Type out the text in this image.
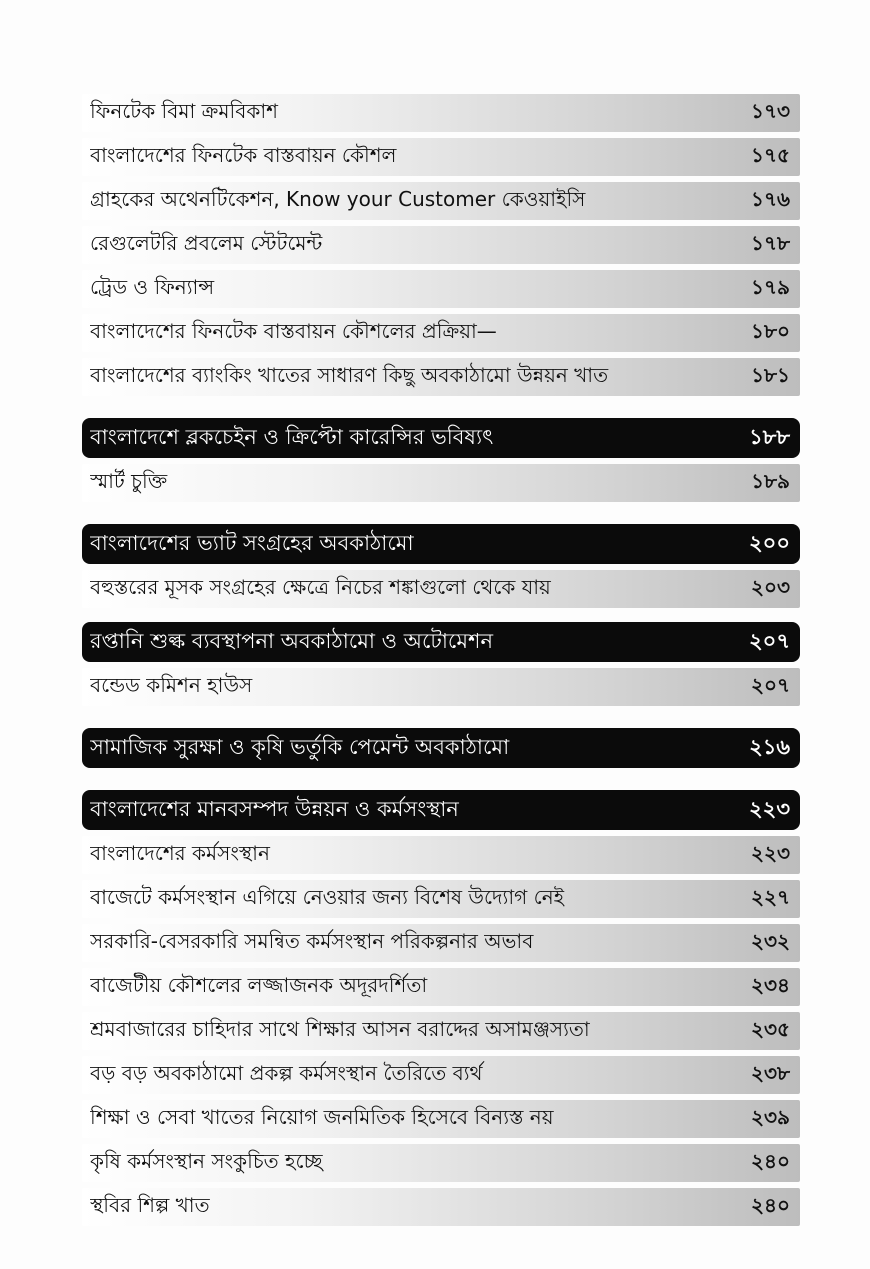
ফিনটেক বিমা ক্রমবিকাশ	১৭৩
বাংলাদেশের ফিনটেক বাস্তবায়ন কৌশল	১৭৫
গ্রাহকের অথেনটিকেশন, Know your Customer কেওয়াইসি	১৭৬
রেগুলেটরি প্রবলেম স্টেটমেন্ট	১৭৮
ট্রেড ও ফিন্যান্স	১৭৯
বাংলাদেশের ফিনটেক বাস্তবায়ন কৌশলের প্রক্রিয়া—	১৮০
বাংলাদেশের ব্যাংকিং খাতের সাধারণ কিছু অবকাঠামো উন্নয়ন খাত	১৮১
বাংলাদেশে ব্লকচেইন ও ক্রিপ্টো কারেন্সির ভবিষ্যৎ	১৮৮
স্মার্ট চুক্তি	১৮৯
বাংলাদেশের ভ্যাট সংগ্রহের অবকাঠামো	২০০
বহুস্তরের মূসক সংগ্রহের ক্ষেত্রে নিচের শঙ্কাগুলো থেকে যায়	২০৩
রপ্তানি শুল্ক ব্যবস্থাপনা অবকাঠামো ও অটোমেশন	২০৭
বন্ডেড কমিশন হাউস	২০৭
সামাজিক সুরক্ষা ও কৃষি ভর্তুকি পেমেন্ট অবকাঠামো	২১৬
বাংলাদেশের মানবসম্পদ উন্নয়ন ও কর্মসংস্থান	২২৩
বাংলাদেশের কর্মসংস্থান	২২৩
বাজেটে কর্মসংস্থান এগিয়ে নেওয়ার জন্য বিশেষ উদ্যোগ নেই	২২৭
সরকারি-বেসরকারি সমন্বিত কর্মসংস্থান পরিকল্পনার অভাব	২৩২
বাজেটীয় কৌশলের লজ্জাজনক অদূরদর্শিতা	২৩৪
শ্রমবাজারের চাহিদার সাথে শিক্ষার আসন বরাদ্দের অসামঞ্জস্যতা	২৩৫
বড় বড় অবকাঠামো প্রকল্প কর্মসংস্থান তৈরিতে ব্যর্থ	২৩৮
শিক্ষা ও সেবা খাতের নিয়োগ জনমিতিক হিসেবে বিন্যস্ত নয়	২৩৯
কৃষি কর্মসংস্থান সংকুচিত হচ্ছে	২৪০
স্থবির শিল্প খাত	২৪০
